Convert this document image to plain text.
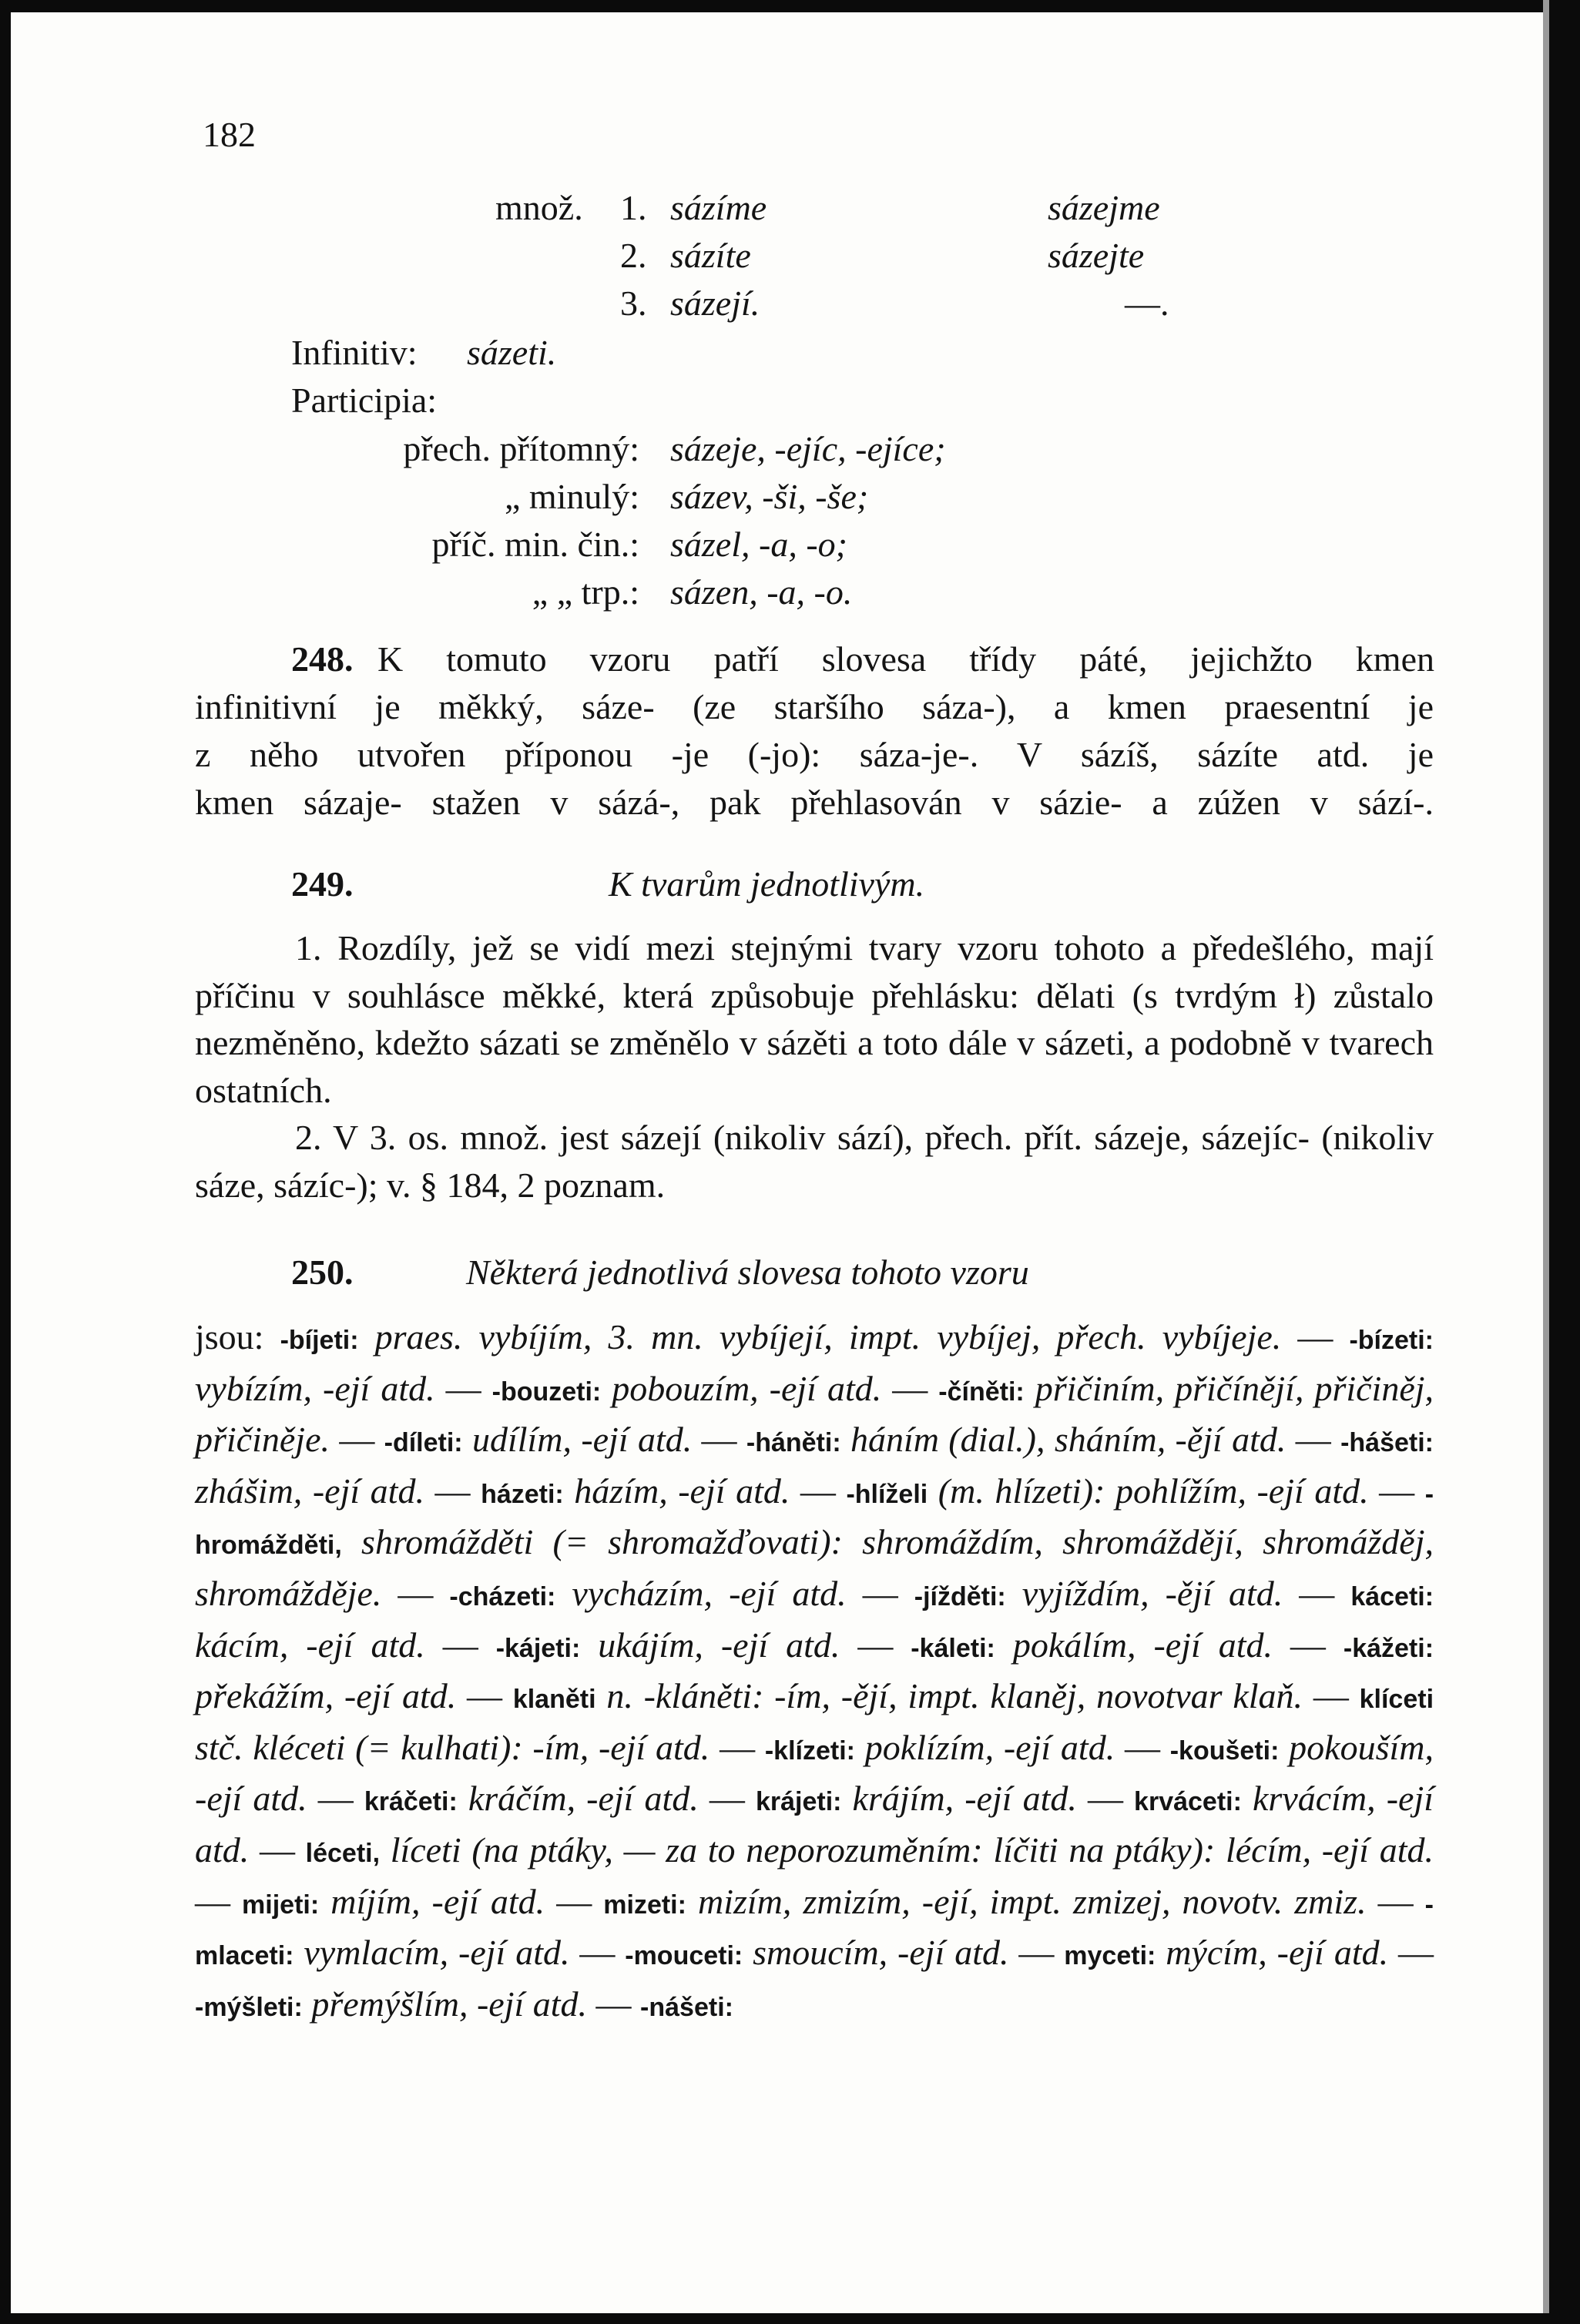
182
množ. 1. sázíme	sázejme
2. sázíte	sázejte
3. sázejí.	—.
Infinitiv: sázeti.
Participia:
přech. přítomný: sázeje, -ejíc, -ejíce;
„ minulý: sázev, -ši, -še;
příč. min. čin.: sázel, -a, -o;
„ „ trp.: sázen, -a, -o.
248. K tomuto vzoru patří slovesa třídy páté, jejichžto kmen
infinitivní je měkký, sáze- (ze staršího sáza-), a kmen praesentní je
z něho utvořen příponou -je (-jo): sáza-je-. V sázíš, sázíte atd. je
kmen sázaje- stažen v sázá-, pak přehlasován v sázie- a zúžen v sází-.
249.	K tvarům jednotlivým.

1. Rozdíly, jež se vidí mezi stejnými tvary vzoru tohoto a předešlého, mají příčinu v souhlásce měkké, která způsobuje přehlásku: dělati (s tvrdým ł) zůstalo nezměněno, kdežto sázati se změnělo v sázěti a toto dále v sázeti, a podobně v tvarech ostatních.

2. V 3. os. množ. jest sázejí (nikoliv sází), přech. přít. sázeje, sázejíc- (nikoliv sáze, sázíc-); v. § 184, 2 poznam.

250.	Některá jednotlivá slovesa tohoto vzoru
jsou: -bíjeti: praes. vybíjím, 3. mn. vybíjejí, impt. vybíjej, přech. vybíjeje. — -bízeti: vybízím, -ejí atd. — -bouzeti: pobouzím, -ejí atd. — -číněti: přičiním, přičínějí, přičiněj, přičiněje. — -díleti: udílím, -ejí atd. — -háněti: háním (dial.), sháním, -ějí atd. — -hášeti: zhášim, -ejí atd. — házeti: házím, -ejí atd. — -hlíželi (m. hlízeti): pohlížím, -ejí atd. — -hromážděti, shromážděti (= shromažďovati): shromáždím, shromáždějí, shromážděj, shromážděje. — -cházeti: vycházím, -ejí atd. — -jížděti: vyjíždím, -ějí atd. — káceti: kácím, -ejí atd. — -kájeti: ukájím, -ejí atd. — -káleti: pokálím, -ejí atd. — -kážeti: překážím, -ejí atd. — klaněti n. -kláněti: -ím, -ějí, impt. klaněj, novotvar klaň. — klíceti stč. kléceti (= kulhati): -ím, -ejí atd. — -klízeti: poklízím, -ejí atd. — -koušeti: pokouším, -ejí atd. — kráčeti: kráčím, -ejí atd. — krájeti: krájím, -ejí atd. — krváceti: krvácím, -ejí atd. — léceti, líceti (na ptáky, — za to neporozuměním: líčiti na ptáky): lécím, -ejí atd. — mijeti: míjím, -ejí atd. — mizeti: mizím, zmizím, -ejí, impt. zmizej, novotv. zmiz. — -mlaceti: vymlacím, -ejí atd. — -mouceti: smoucím, -ejí atd. — myceti: mýcím, -ejí atd. — -mýšleti: přemýšlím, -ejí atd. — -nášeti:
